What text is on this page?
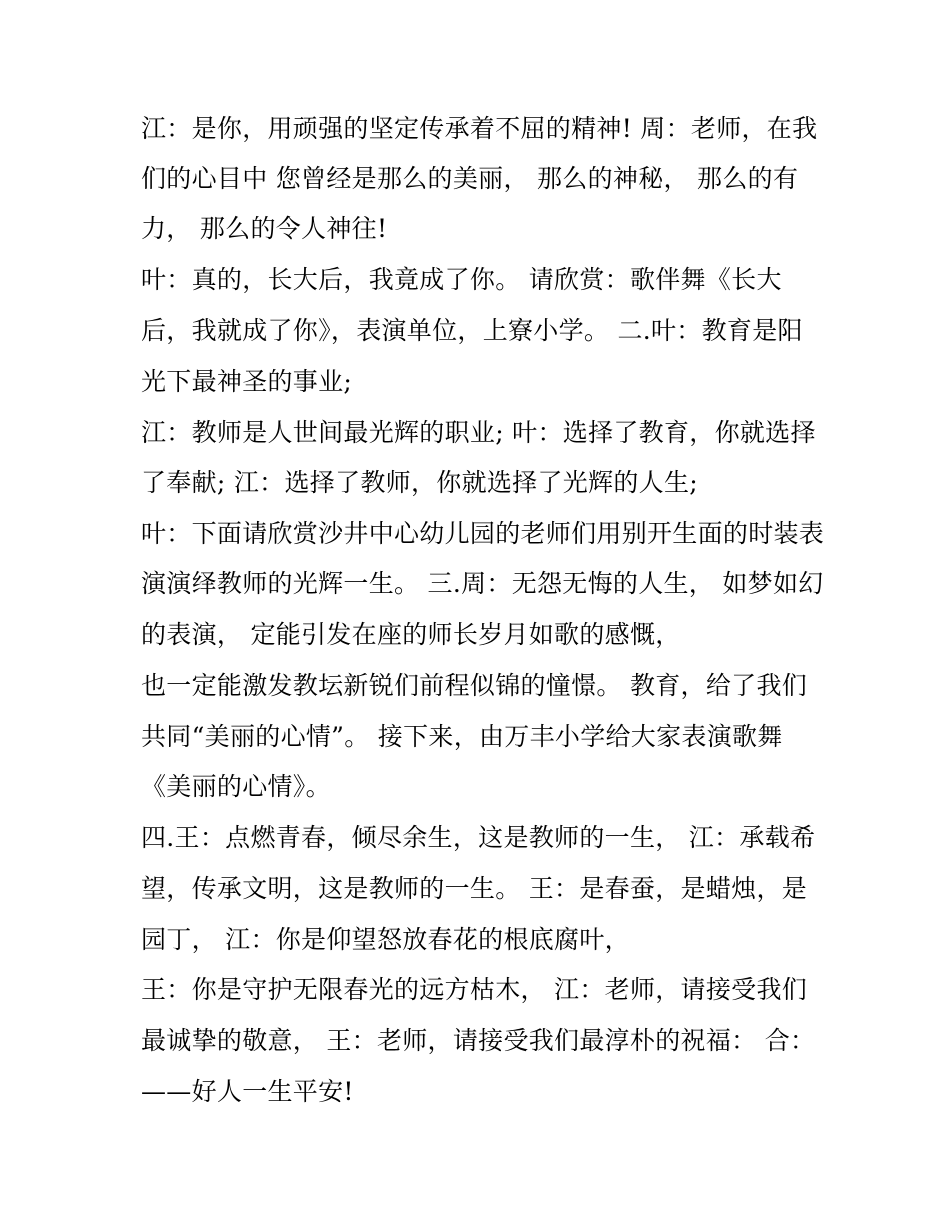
江：是你，用顽强的坚定传承着不屈的精神! 周：老师，在我
们的心目中 您曾经是那么的美丽， 那么的神秘， 那么的有
力， 那么的令人神往!
叶：真的，长大后，我竟成了你。 请欣赏：歌伴舞《长大
后，我就成了你》，表演单位，上寮小学。 二.叶：教育是阳
光下最神圣的事业;
江：教师是人世间最光辉的职业; 叶：选择了教育，你就选择
了奉献; 江：选择了教师，你就选择了光辉的人生;
叶：下面请欣赏沙井中心幼儿园的老师们用别开生面的时装表
演演绎教师的光辉一生。 三.周：无怨无悔的人生， 如梦如幻
的表演， 定能引发在座的师长岁月如歌的感慨，
也一定能激发教坛新锐们前程似锦的憧憬。 教育，给了我们
共同“美丽的心情”。 接下来，由万丰小学给大家表演歌舞
《美丽的心情》。
四.王：点燃青春，倾尽余生，这是教师的一生， 江：承载希
望，传承文明，这是教师的一生。 王：是春蚕，是蜡烛，是
园丁， 江：你是仰望怒放春花的根底腐叶，
王：你是守护无限春光的远方枯木， 江：老师，请接受我们
最诚挚的敬意， 王：老师，请接受我们最淳朴的祝福： 合：
——好人一生平安!
